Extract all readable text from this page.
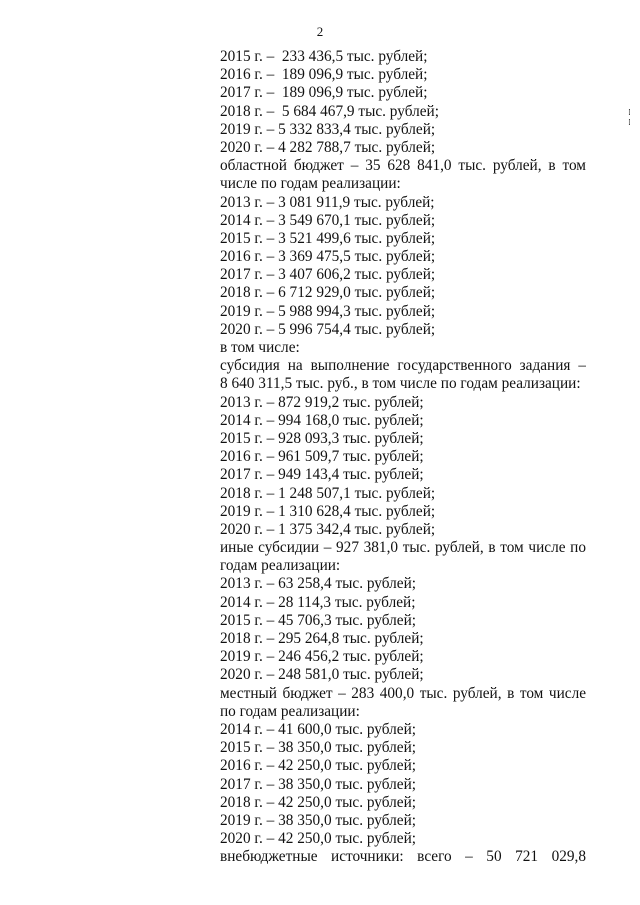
2
2015 г. –  233 436,5 тыс. рублей;
2016 г. –  189 096,9 тыс. рублей;
2017 г. –  189 096,9 тыс. рублей;
2018 г. –  5 684 467,9 тыс. рублей;
2019 г. – 5 332 833,4 тыс. рублей;
2020 г. – 4 282 788,7 тыс. рублей;
областной бюджет – 35 628 841,0 тыс. рублей, в том
числе по годам реализации:
2013 г. – 3 081 911,9 тыс. рублей;
2014 г. – 3 549 670,1 тыс. рублей;
2015 г. – 3 521 499,6 тыс. рублей;
2016 г. – 3 369 475,5 тыс. рублей;
2017 г. – 3 407 606,2 тыс. рублей;
2018 г. – 6 712 929,0 тыс. рублей;
2019 г. – 5 988 994,3 тыс. рублей;
2020 г. – 5 996 754,4 тыс. рублей;
в том числе:
субсидия на выполнение государственного задания –
8 640 311,5 тыс. руб., в том числе по годам реализации:
2013 г. – 872 919,2 тыс. рублей;
2014 г. – 994 168,0 тыс. рублей;
2015 г. – 928 093,3 тыс. рублей;
2016 г. – 961 509,7 тыс. рублей;
2017 г. – 949 143,4 тыс. рублей;
2018 г. – 1 248 507,1 тыс. рублей;
2019 г. – 1 310 628,4 тыс. рублей;
2020 г. – 1 375 342,4 тыс. рублей;
иные субсидии – 927 381,0 тыс. рублей, в том числе по
годам реализации:
2013 г. – 63 258,4 тыс. рублей;
2014 г. – 28 114,3 тыс. рублей;
2015 г. – 45 706,3 тыс. рублей;
2018 г. – 295 264,8 тыс. рублей;
2019 г. – 246 456,2 тыс. рублей;
2020 г. – 248 581,0 тыс. рублей;
местный бюджет – 283 400,0 тыс. рублей, в том числе
по годам реализации:
2014 г. – 41 600,0 тыс. рублей;
2015 г. – 38 350,0 тыс. рублей;
2016 г. – 42 250,0 тыс. рублей;
2017 г. – 38 350,0 тыс. рублей;
2018 г. – 42 250,0 тыс. рублей;
2019 г. – 38 350,0 тыс. рублей;
2020 г. – 42 250,0 тыс. рублей;
внебюджетные источники: всего – 50 721 029,8
⁞
⁞
